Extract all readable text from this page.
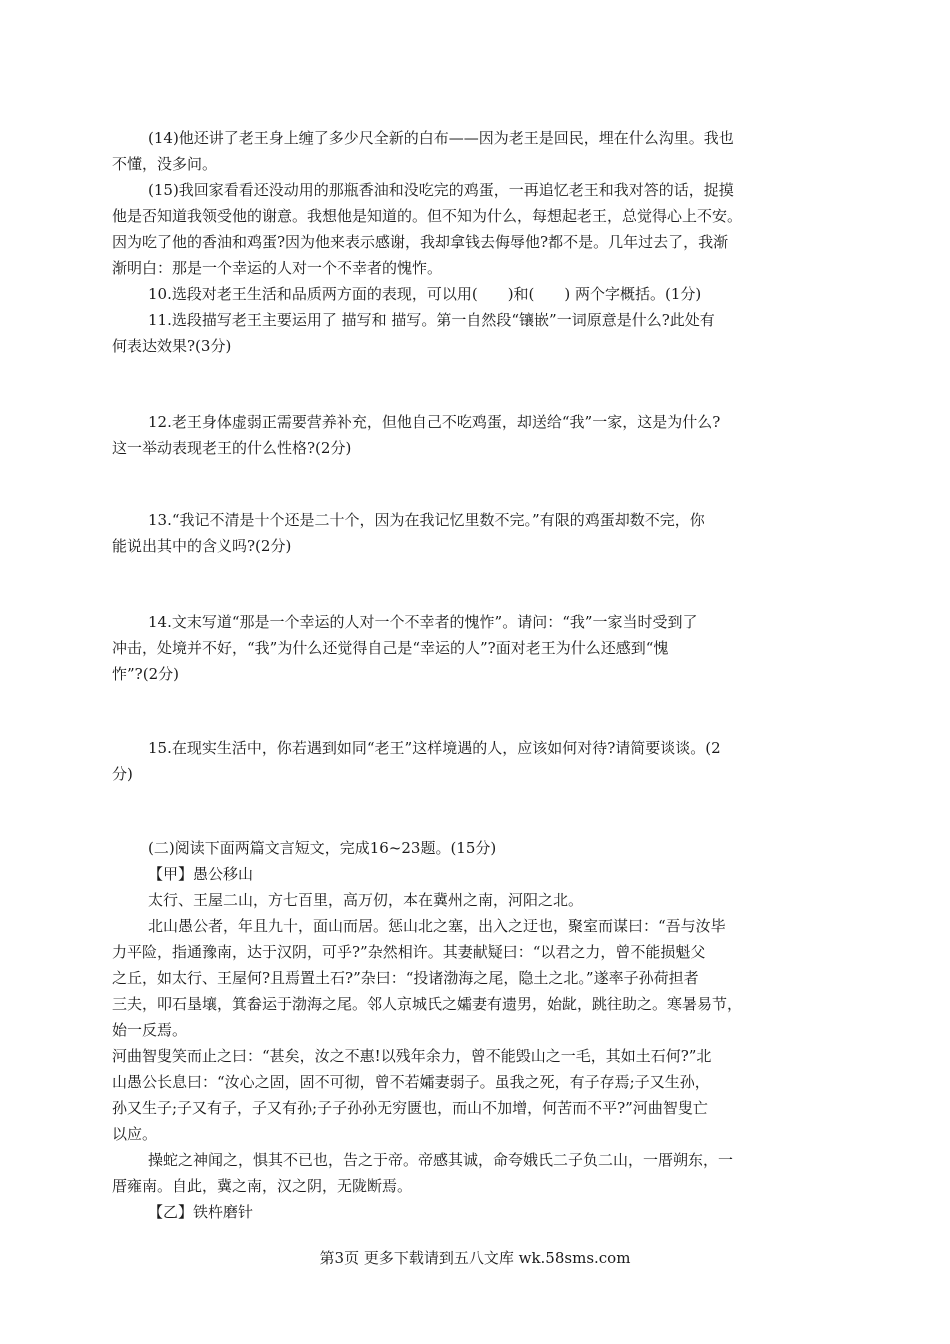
(14)他还讲了老王身上缠了多少尺全新的白布——因为老王是回民，埋在什么沟里。我也
不懂，没多问。
(15)我回家看看还没动用的那瓶香油和没吃完的鸡蛋，一再追忆老王和我对答的话，捉摸
他是否知道我领受他的谢意。我想他是知道的。但不知为什么，每想起老王，总觉得心上不安。
因为吃了他的香油和鸡蛋?因为他来表示感谢，我却拿钱去侮辱他?都不是。几年过去了，我渐
渐明白：那是一个幸运的人对一个不幸者的愧怍。
10.选段对老王生活和品质两方面的表现，可以用(　　)和(　　) 两个字概括。(1分)
11.选段描写老王主要运用了 描写和 描写。第一自然段“镶嵌”一词原意是什么?此处有
何表达效果?(3分)
12.老王身体虚弱正需要营养补充，但他自己不吃鸡蛋，却送给“我”一家，这是为什么?
这一举动表现老王的什么性格?(2分)
13.“我记不清是十个还是二十个，因为在我记忆里数不完。”有限的鸡蛋却数不完，你
能说出其中的含义吗?(2分)
14.文末写道“那是一个幸运的人对一个不幸者的愧怍”。请问：“我”一家当时受到了
冲击，处境并不好，“我”为什么还觉得自己是“幸运的人”?面对老王为什么还感到“愧
怍”?(2分)
15.在现实生活中，你若遇到如同“老王”这样境遇的人，应该如何对待?请简要谈谈。(2
分)
(二)阅读下面两篇文言短文，完成16~23题。(15分)
【甲】愚公移山
太行、王屋二山，方七百里，高万仞，本在冀州之南，河阳之北。
北山愚公者，年且九十，面山而居。惩山北之塞，出入之迂也，聚室而谋曰：“吾与汝毕
力平险，指通豫南，达于汉阴，可乎?”杂然相许。其妻献疑曰：“以君之力，曾不能损魁父
之丘，如太行、王屋何?且焉置土石?”杂曰：“投诸渤海之尾，隐土之北。”遂率子孙荷担者
三夫，叩石垦壤，箕畚运于渤海之尾。邻人京城氏之孀妻有遗男，始龀，跳往助之。寒暑易节，
始一反焉。
河曲智叟笑而止之曰：“甚矣，汝之不惠!以残年余力，曾不能毁山之一毛，其如土石何?”北
山愚公长息曰：“汝心之固，固不可彻，曾不若孀妻弱子。虽我之死，有子存焉;子又生孙，
孙又生子;子又有子，子又有孙;子子孙孙无穷匮也，而山不加增，何苦而不平?”河曲智叟亡
以应。
操蛇之神闻之，惧其不已也，告之于帝。帝感其诚，命夸娥氏二子负二山，一厝朔东，一
厝雍南。自此，冀之南，汉之阴，无陇断焉。
【乙】铁杵磨针
第3页 更多下载请到五八文库 wk.58sms.com
